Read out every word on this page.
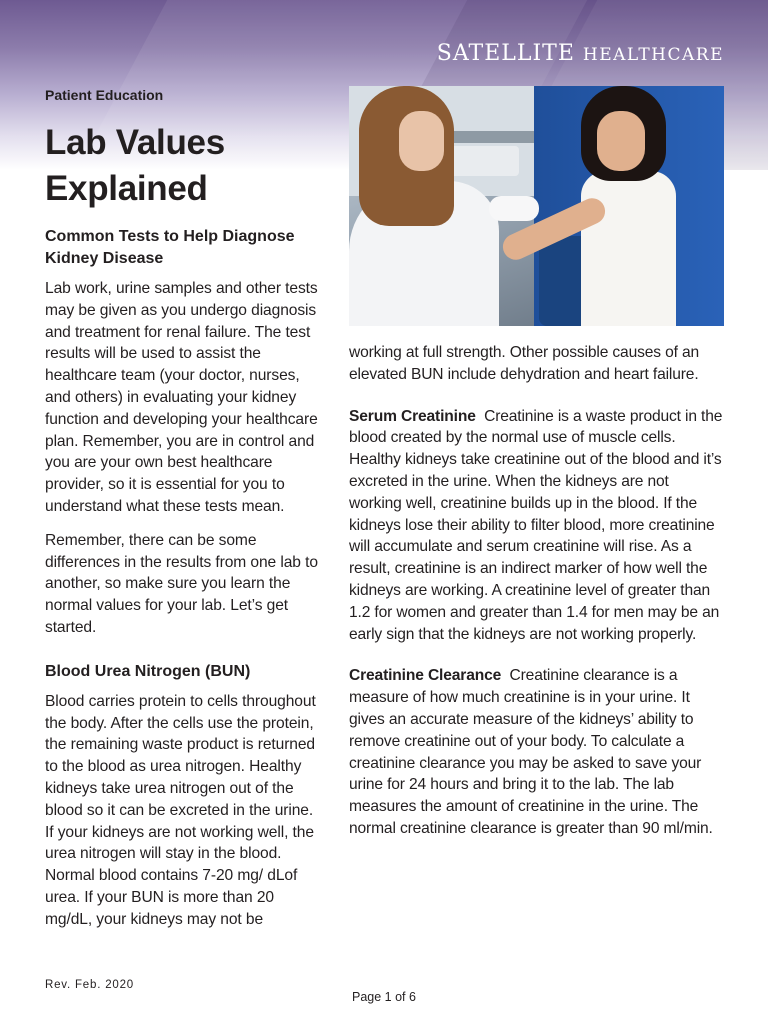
SATELLITE HEALTHCARE
Patient Education
Lab Values
Explained
Common Tests to Help Diagnose Kidney Disease

Lab work, urine samples and other tests may be given as you undergo diagnosis and treatment for renal failure. The test results will be used to assist the healthcare team (your doctor, nurses, and others) in evaluating your kidney function and developing your healthcare plan. Remember, you are in control and you are your own best healthcare provider, so it is essential for you to understand what these tests mean.

Remember, there can be some differences in the results from one lab to another, so make sure you learn the normal values for your lab. Let’s get started.

Blood Urea Nitrogen (BUN)

Blood carries protein to cells throughout the body. After the cells use the protein, the remaining waste product is returned to the blood as urea nitrogen. Healthy kidneys take urea nitrogen out of the blood so it can be excreted in the urine. If your kidneys are not working well, the urea nitrogen will stay in the blood. Normal blood contains 7-20 mg/ dLof urea. If your BUN is more than 20 mg/dL, your kidneys may not be

working at full strength. Other possible causes of an elevated BUN include dehydration and heart failure.

Serum Creatinine Creatinine is a waste product in the blood created by the normal use of muscle cells. Healthy kidneys take creatinine out of the blood and it’s excreted in the urine. When the kidneys are not working well, creatinine builds up in the blood. If the kidneys lose their ability to filter blood, more creatinine will accumulate and serum creatinine will rise. As a result, creatinine is an indirect marker of how well the kidneys are working. A creatinine level of greater than 1.2 for women and greater than 1.4 for men may be an early sign that the kidneys are not working properly.

Creatinine Clearance Creatinine clearance is a measure of how much creatinine is in your urine. It gives an accurate measure of the kidneys’ ability to remove creatinine out of your body. To calculate a creatinine clearance you may be asked to save your urine for 24 hours and bring it to the lab. The lab measures the amount of creatinine in the urine. The normal creatinine clearance is greater than 90 ml/min.

Rev. Feb. 2020
Page 1 of 6
